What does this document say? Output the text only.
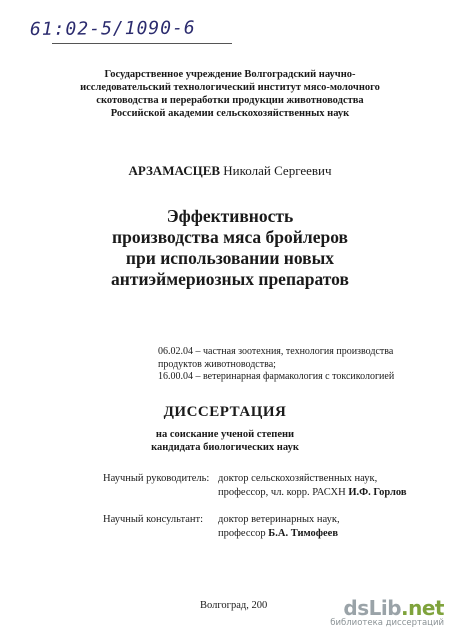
61:02-5/1090-6
Государственное учреждение Волгоградский научно-
исследовательский технологический институт мясо-молочного
скотоводства и переработки продукции животноводства
Российской академии сельскохозяйственных наук
АРЗАМАСЦЕВ Николай Сергеевич
Эффективность
производства мяса бройлеров
при использовании новых
антиэймериозных препаратов
06.02.04 – частная зоотехния, технология производства
продуктов животноводства;
16.00.04 – ветеринарная фармакология с токсикологией
ДИССЕРТАЦИЯ
на соискание ученой степени
кандидата биологических наук
Научный руководитель: доктор сельскохозяйственных наук,
профессор, чл. корр. РАСХН И.Ф. Горлов
Научный консультант: доктор ветеринарных наук,
профессор Б.А. Тимофеев
Волгоград, 200	dsLib.net
библиотека диссертаций
